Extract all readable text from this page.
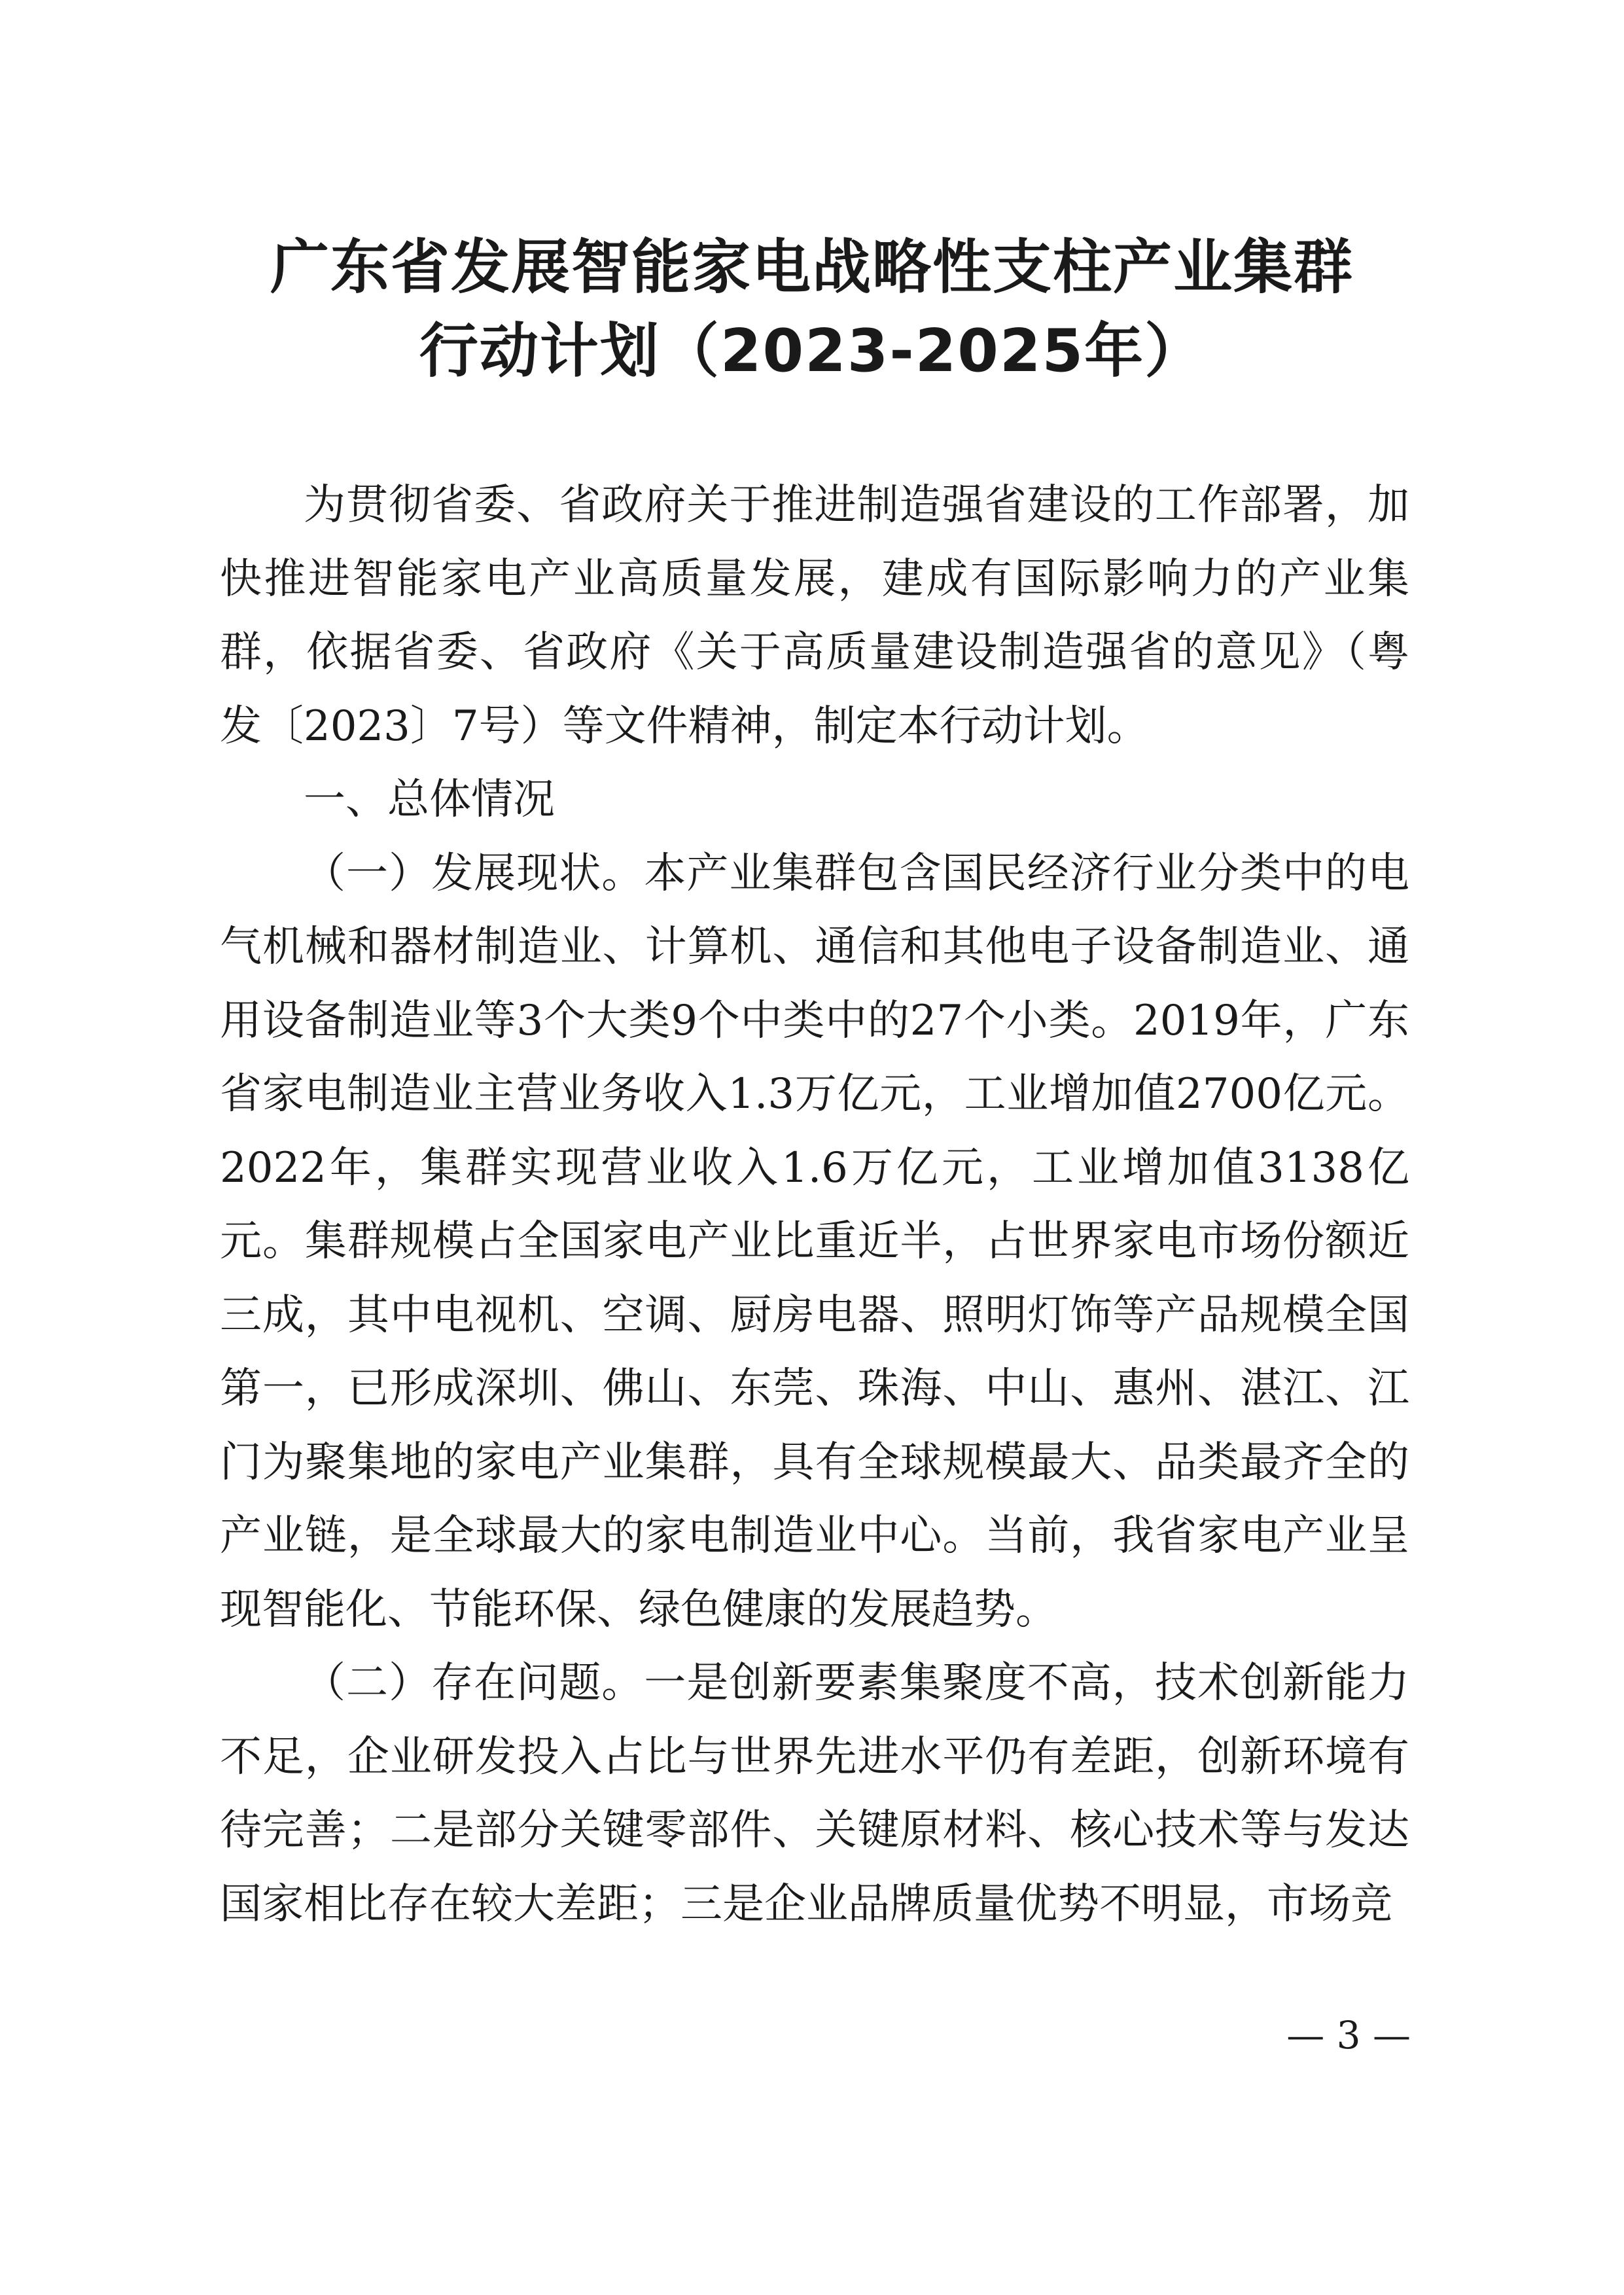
广东省发展智能家电战略性支柱产业集群
行动计划（2023-2025年）

为贯彻省委、省政府关于推进制造强省建设的工作部署，加快推进智能家电产业高质量发展，建成有国际影响力的产业集群，依据省委、省政府《关于高质量建设制造强省的意见》（粤发〔2023〕7号）等文件精神，制定本行动计划。

一、总体情况

（一）发展现状。本产业集群包含国民经济行业分类中的电气机械和器材制造业、计算机、通信和其他电子设备制造业、通用设备制造业等3个大类9个中类中的27个小类。2019年，广东省家电制造业主营业务收入1.3万亿元，工业增加值2700亿元。2022年，集群实现营业收入1.6万亿元，工业增加值3138亿元。集群规模占全国家电产业比重近半，占世界家电市场份额近三成，其中电视机、空调、厨房电器、照明灯饰等产品规模全国第一，已形成深圳、佛山、东莞、珠海、中山、惠州、湛江、江门为聚集地的家电产业集群，具有全球规模最大、品类最齐全的产业链，是全球最大的家电制造业中心。当前，我省家电产业呈现智能化、节能环保、绿色健康的发展趋势。

（二）存在问题。一是创新要素集聚度不高，技术创新能力不足，企业研发投入占比与世界先进水平仍有差距，创新环境有待完善；二是部分关键零部件、关键原材料、核心技术等与发达国家相比存在较大差距；三是企业品牌质量优势不明显，市场竞

— 3 —
